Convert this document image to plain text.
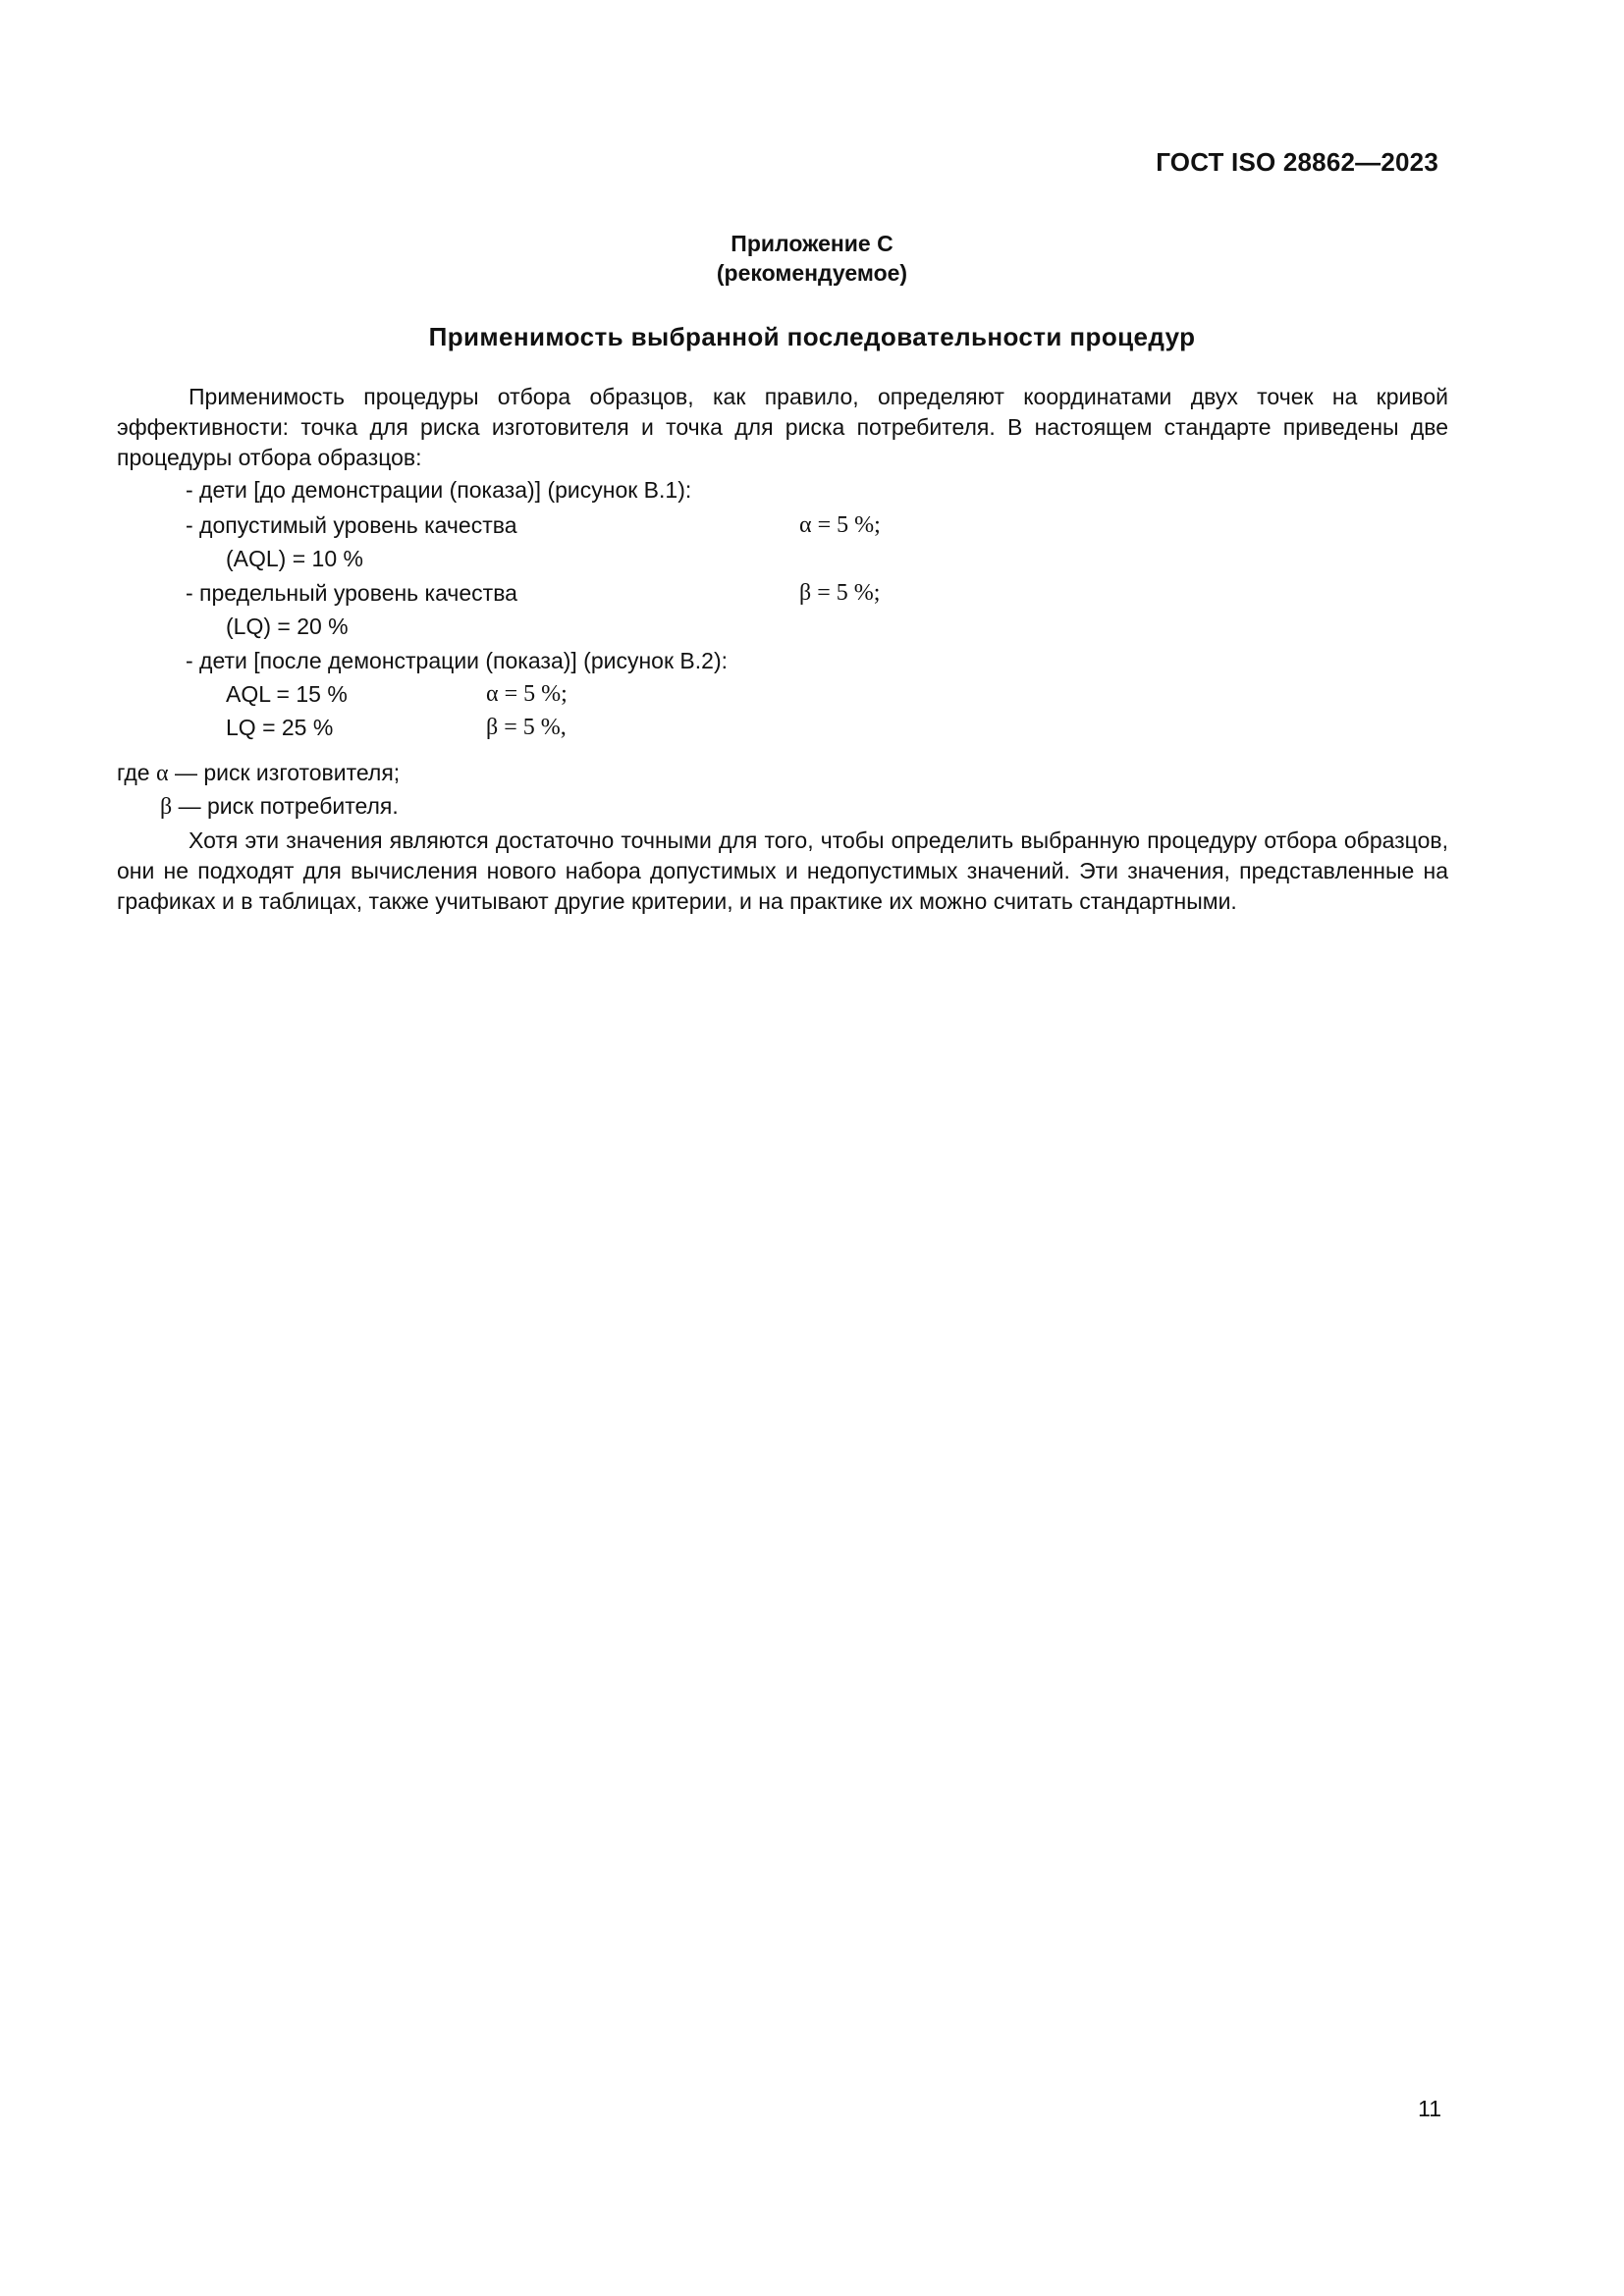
ГОСТ ISO 28862—2023
Приложение С
(рекомендуемое)
Применимость выбранной последовательности процедур
Применимость процедуры отбора образцов, как правило, определяют координатами двух точек на кривой эффективности: точка для риска изготовителя и точка для риска потребителя. В настоящем стандарте приведены две процедуры отбора образцов:
- дети [до демонстрации (показа)] (рисунок В.1):
- допустимый уровень качества	α = 5 %;
(AQL) = 10 %
- предельный уровень качества	β = 5 %;
(LQ) = 20 %
- дети [после демонстрации (показа)] (рисунок В.2):
AQL = 15 %	α = 5 %;
LQ = 25 %	β = 5 %,
где α — риск изготовителя;
β — риск потребителя.
Хотя эти значения являются достаточно точными для того, чтобы определить выбранную процедуру отбора образцов, они не подходят для вычисления нового набора допустимых и недопустимых значений. Эти значения, представленные на графиках и в таблицах, также учитывают другие критерии, и на практике их можно считать стандартными.
11
